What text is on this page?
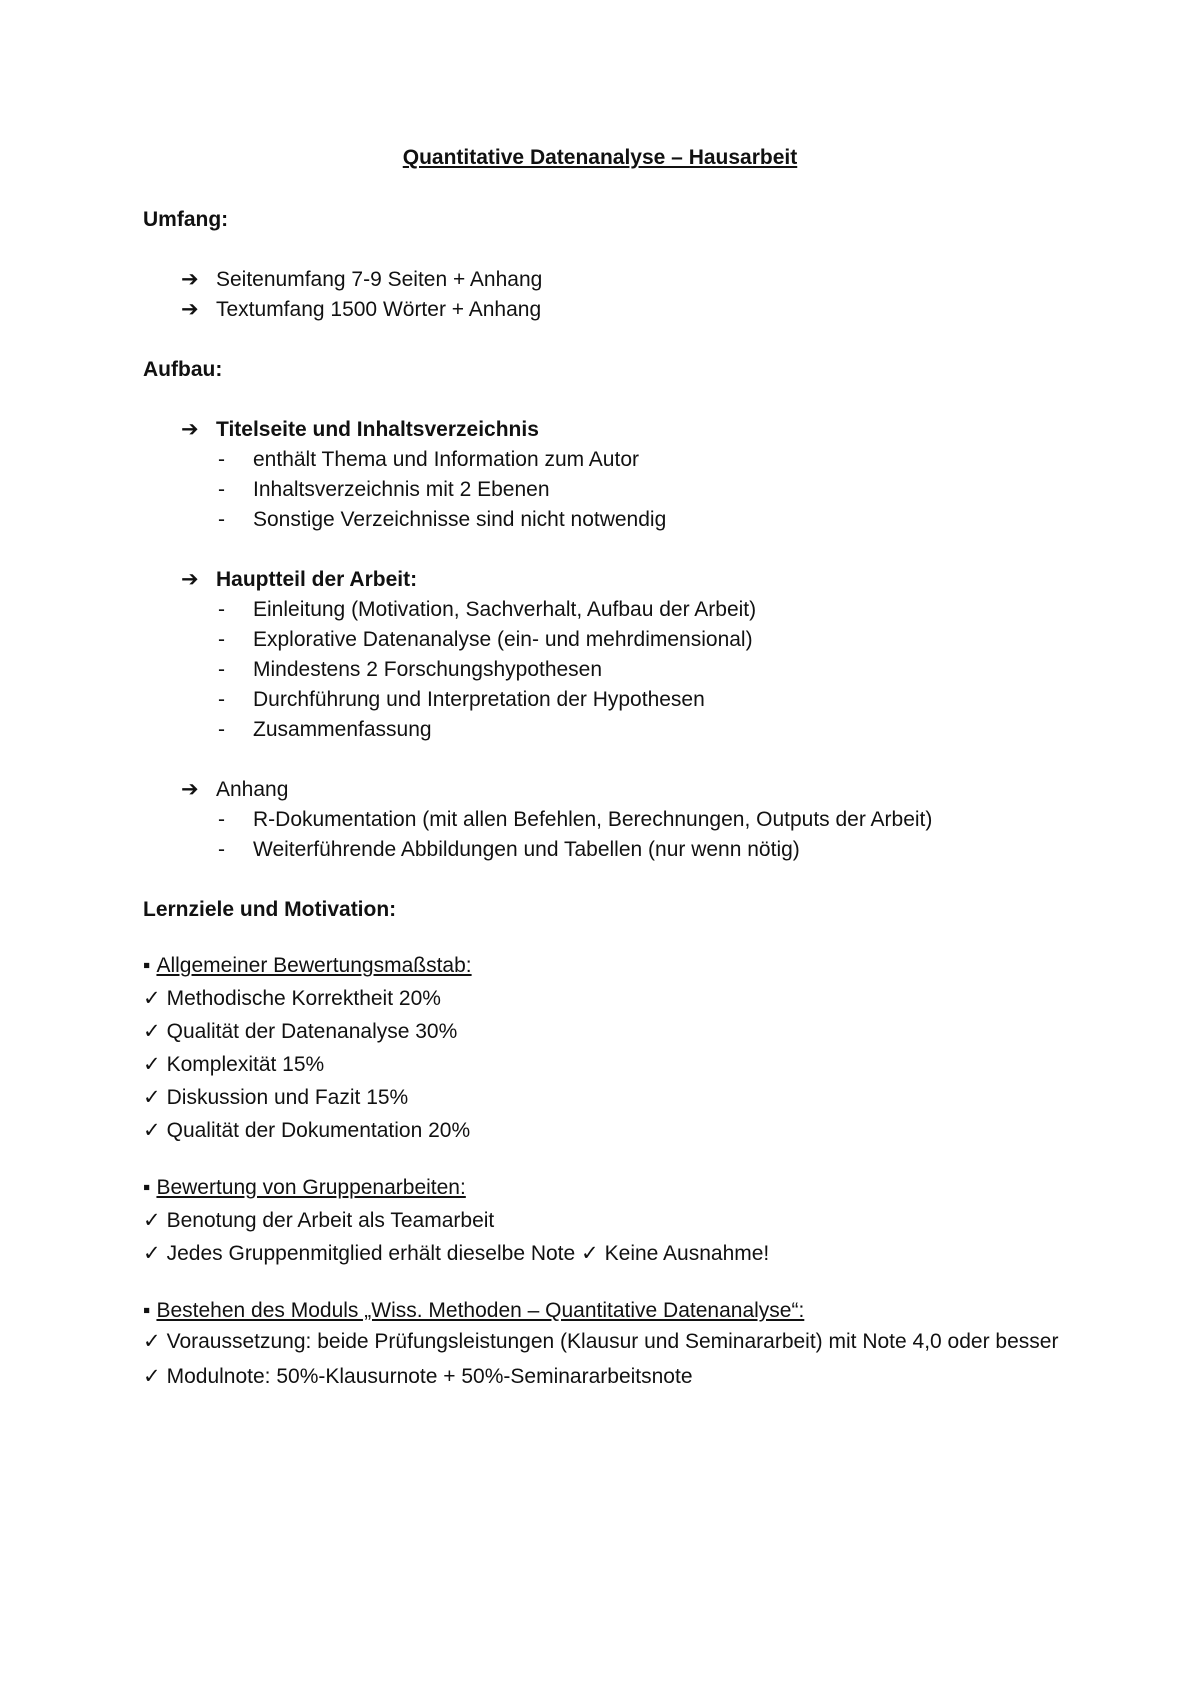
Quantitative Datenanalyse – Hausarbeit
Umfang:
➔ Seitenumfang 7-9 Seiten + Anhang
➔ Textumfang 1500 Wörter + Anhang
Aufbau:
➔ Titelseite und Inhaltsverzeichnis
- enthält Thema und Information zum Autor
- Inhaltsverzeichnis mit 2 Ebenen
- Sonstige Verzeichnisse sind nicht notwendig
➔ Hauptteil der Arbeit:
- Einleitung (Motivation, Sachverhalt, Aufbau der Arbeit)
- Explorative Datenanalyse (ein- und mehrdimensional)
- Mindestens 2 Forschungshypothesen
- Durchführung und Interpretation der Hypothesen
- Zusammenfassung
➔ Anhang
- R-Dokumentation (mit allen Befehlen, Berechnungen, Outputs der Arbeit)
- Weiterführende Abbildungen und Tabellen (nur wenn nötig)
Lernziele und Motivation:
▪ Allgemeiner Bewertungsmaßstab:
✓ Methodische Korrektheit 20%
✓ Qualität der Datenanalyse 30%
✓ Komplexität 15%
✓ Diskussion und Fazit 15%
✓ Qualität der Dokumentation 20%
▪ Bewertung von Gruppenarbeiten:
✓ Benotung der Arbeit als Teamarbeit
✓ Jedes Gruppenmitglied erhält dieselbe Note ✓ Keine Ausnahme!
▪ Bestehen des Moduls „Wiss. Methoden – Quantitative Datenanalyse“:
✓ Voraussetzung: beide Prüfungsleistungen (Klausur und Seminararbeit) mit Note 4,0 oder besser
✓ Modulnote: 50%-Klausurnote + 50%-Seminararbeitsnote
